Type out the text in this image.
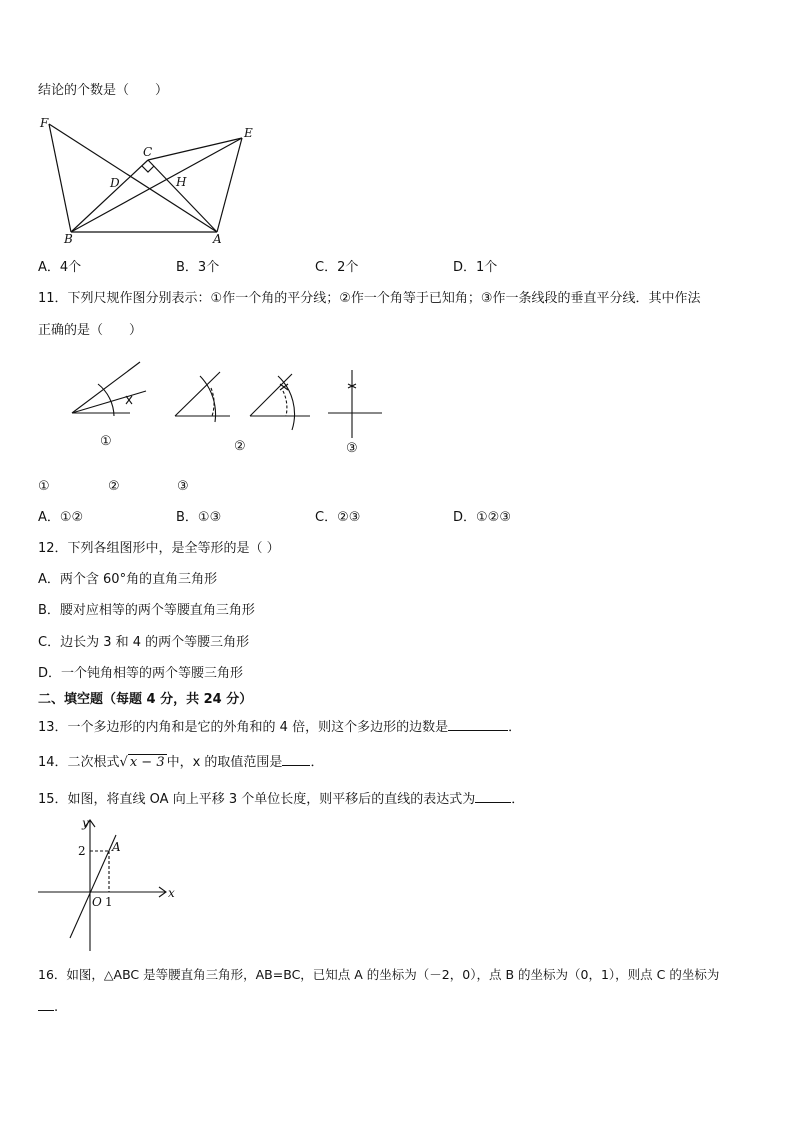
结论的个数是（　　）
F
E
C
D	H
B	A
A．4个	B．3个	C．2个	D．1个
11．下列尺规作图分别表示：①作一个角的平分线；②作一个角等于已知角；③作一条线段的垂直平分线．其中作法
正确的是（　　）
①	②	③
①	②	③
A．①②	B．①③	C．②③	D．①②③
12．下列各组图形中，是全等形的是（ ）
A．两个含 60°角的直角三角形
B．腰对应相等的两个等腰直角三角形
C．边长为 3 和 4 的两个等腰三角形
D．一个钝角相等的两个等腰三角形
二、填空题（每题 4 分，共 24 分）
13．一个多边形的内角和是它的外角和的 4 倍，则这个多边形的边数是	．
14．二次根式√ x − 3 中，x 的取值范围是 ．
15．如图，将直线 OA 向上平移 3 个单位长度，则平移后的直线的表达式为	．
y
x
2 A
O 1
16．如图，△ABC 是等腰直角三角形，AB=BC，已知点 A 的坐标为（－2，0），点 B 的坐标为（0，1），则点 C 的坐标为
.
